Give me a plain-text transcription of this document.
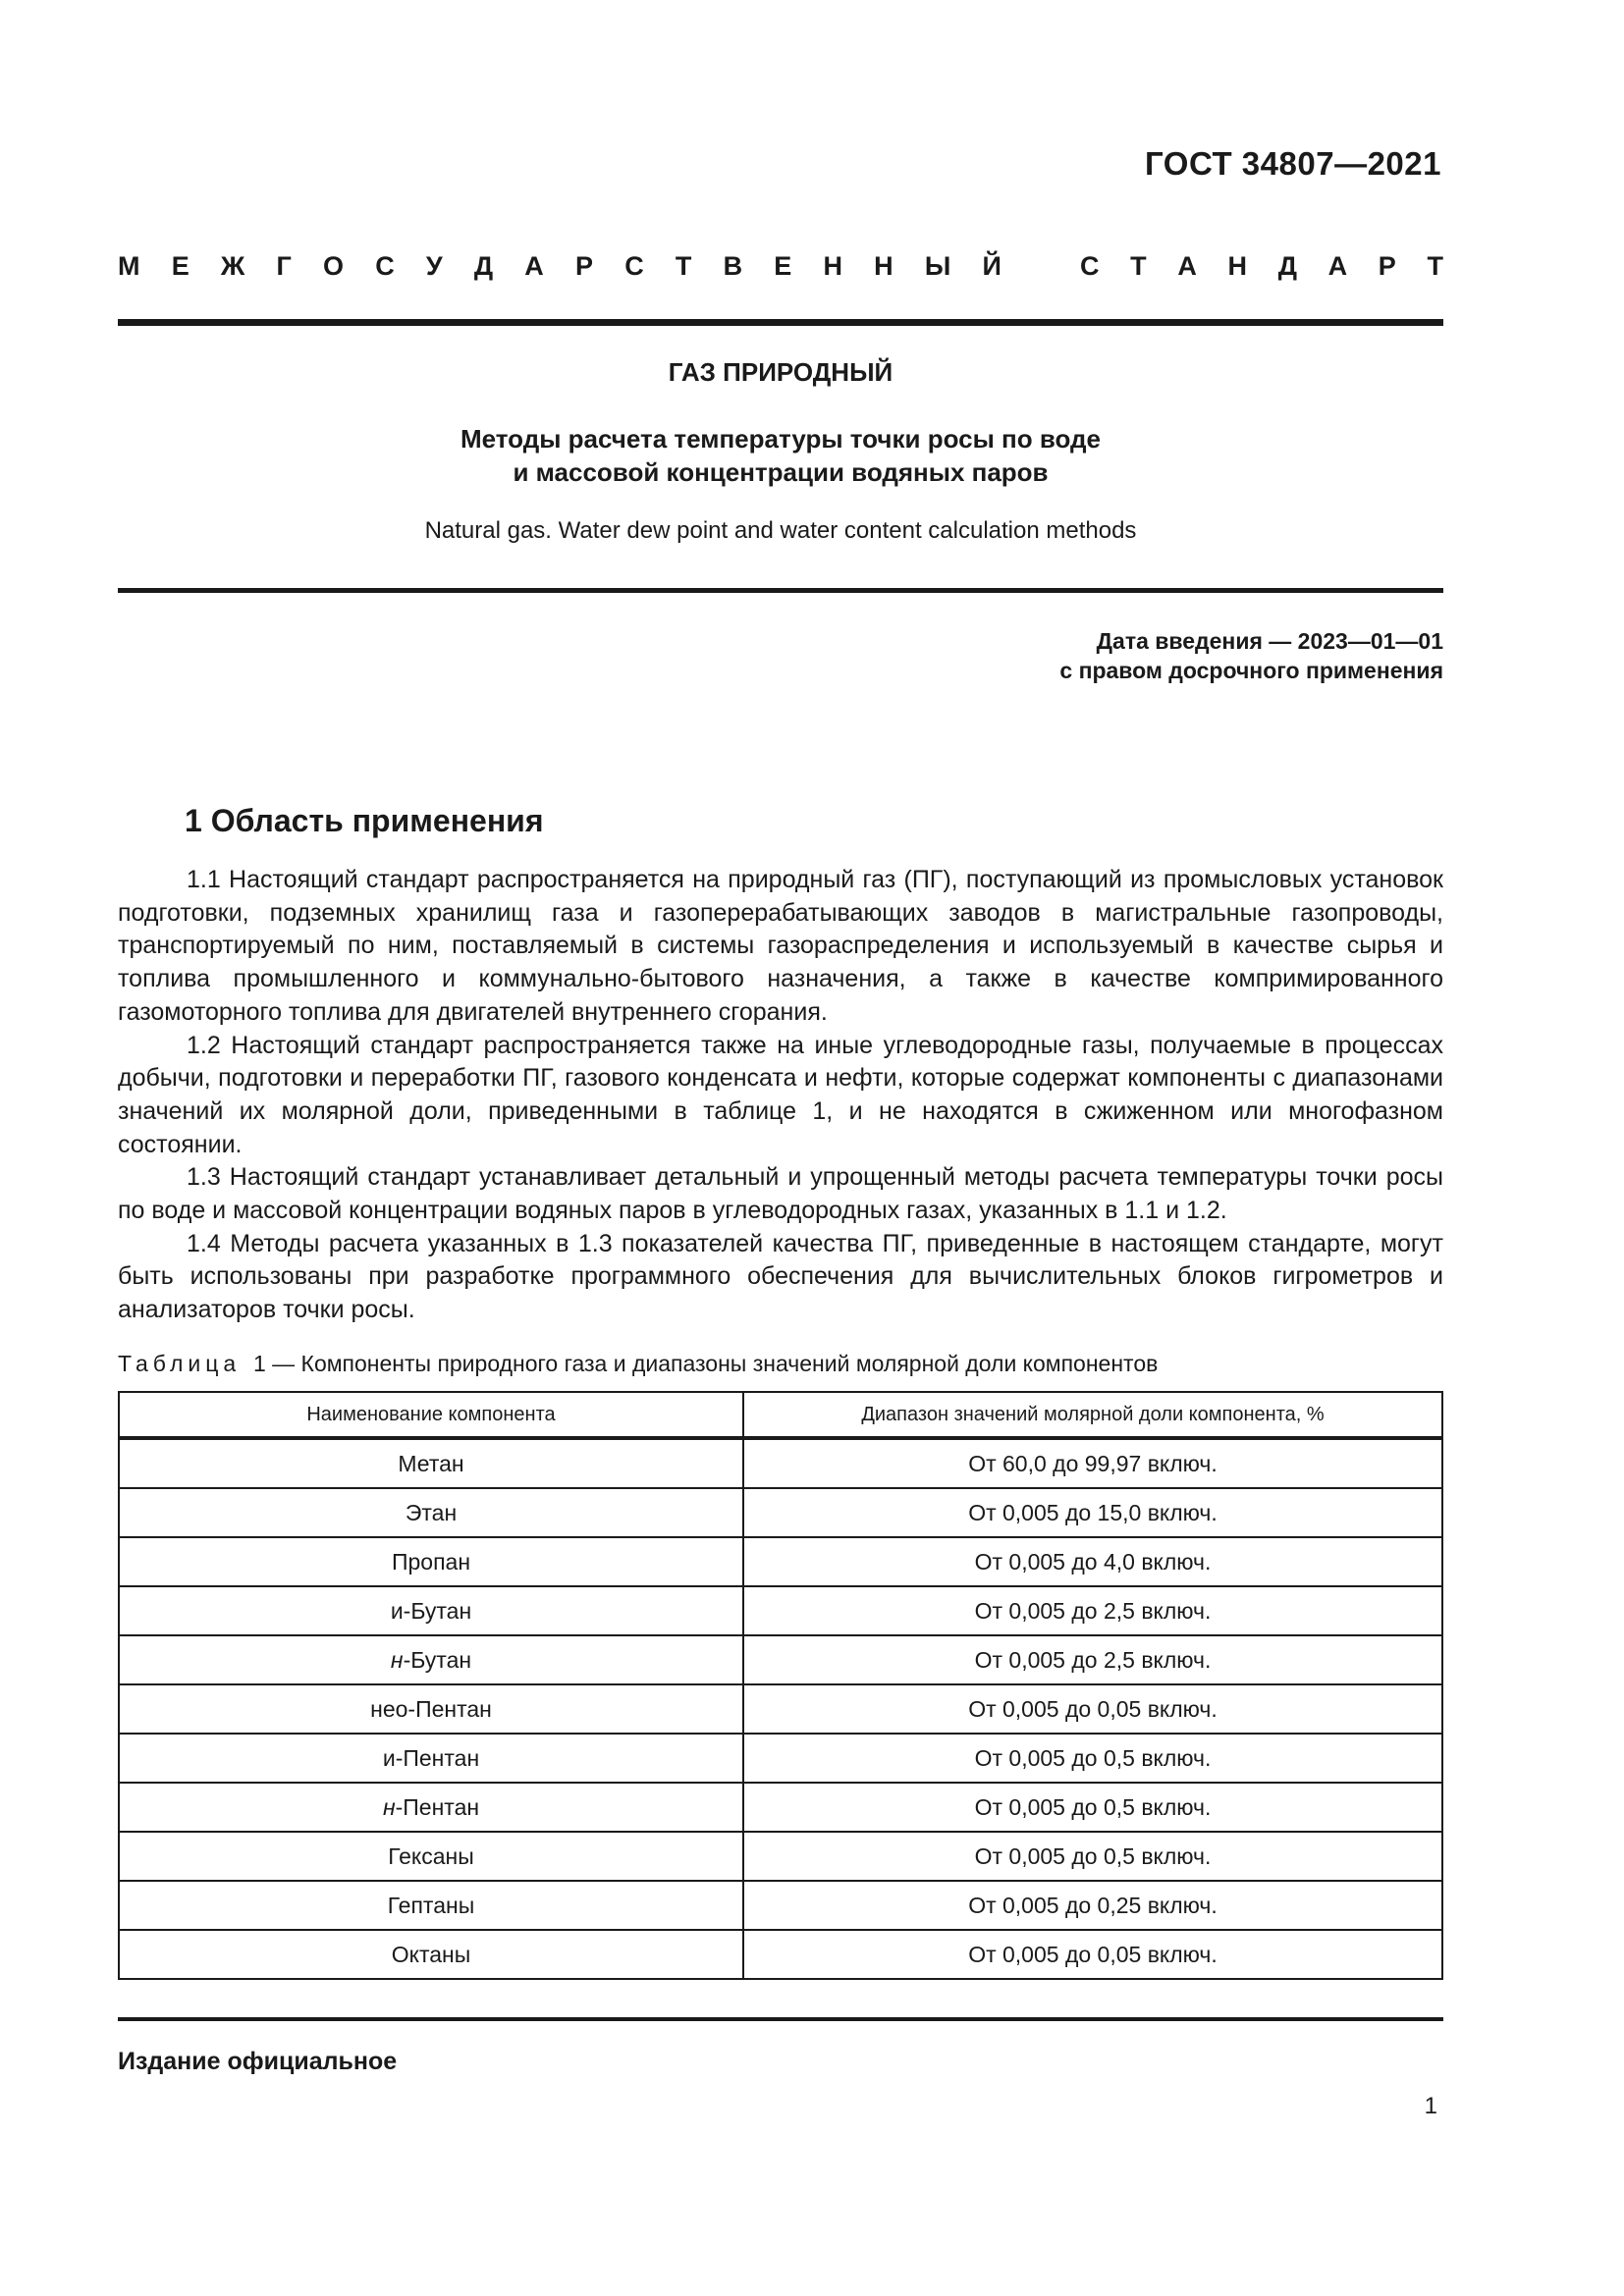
ГОСТ 34807—2021
М Е Ж Г О С У Д А Р С Т В Е Н Н Ы Й	С Т А Н Д А Р Т
ГАЗ ПРИРОДНЫЙ
Методы расчета температуры точки росы по воде
и массовой концентрации водяных паров
Natural gas. Water dew point and water content calculation methods
Дата введения — 2023—01—01
с правом досрочного применения
1 Область применения

1.1 Настоящий стандарт распространяется на природный газ (ПГ), поступающий из промысловых установок подготовки, подземных хранилищ газа и газоперерабатывающих заводов в магистральные газопроводы, транспортируемый по ним, поставляемый в системы газораспределения и используемый в качестве сырья и топлива промышленного и коммунально-бытового назначения, а также в качестве компримированного газомоторного топлива для двигателей внутреннего сгорания.

1.2 Настоящий стандарт распространяется также на иные углеводородные газы, получаемые в процессах добычи, подготовки и переработки ПГ, газового конденсата и нефти, которые содержат компоненты с диапазонами значений их молярной доли, приведенными в таблице 1, и не находятся в сжиженном или многофазном состоянии.

1.3 Настоящий стандарт устанавливает детальный и упрощенный методы расчета температуры точки росы по воде и массовой концентрации водяных паров в углеводородных газах, указанных в 1.1 и 1.2.

1.4 Методы расчета указанных в 1.3 показателей качества ПГ, приведенные в настоящем стандарте, могут быть использованы при разработке программного обеспечения для вычислительных блоков гигрометров и анализаторов точки росы.

Таблица 1 — Компоненты природного газа и диапазоны значений молярной доли компонентов
Наименование компонента	Диапазон значений молярной доли компонента, %
Метан	От 60,0 до 99,97 включ.
Этан	От 0,005 до 15,0 включ.
Пропан	От 0,005 до 4,0 включ.
и-Бутан	От 0,005 до 2,5 включ.
н-Бутан	От 0,005 до 2,5 включ.
нео-Пентан	От 0,005 до 0,05 включ.
и-Пентан	От 0,005 до 0,5 включ.
н-Пентан	От 0,005 до 0,5 включ.
Гексаны	От 0,005 до 0,5 включ.
Гептаны	От 0,005 до 0,25 включ.
Октаны	От 0,005 до 0,05 включ.
Издание официальное
1
